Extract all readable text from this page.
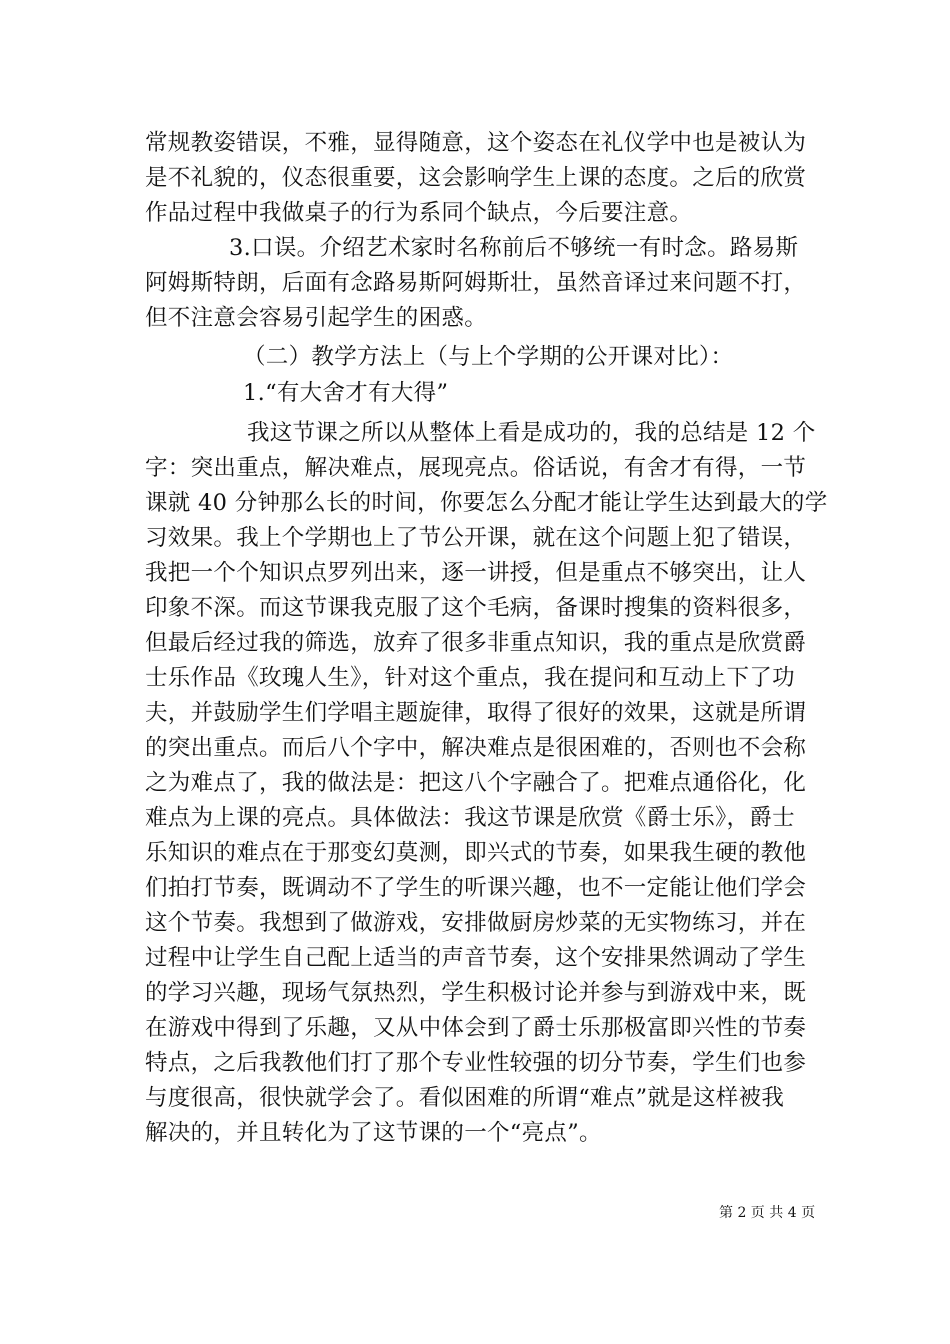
常规教姿错误，不雅，显得随意，这个姿态在礼仪学中也是被认为
是不礼貌的，仪态很重要，这会影响学生上课的态度。之后的欣赏
作品过程中我做桌子的行为系同个缺点，今后要注意。
3.口误。介绍艺术家时名称前后不够统一有时念。路易斯
阿姆斯特朗，后面有念路易斯阿姆斯壮，虽然音译过来问题不打，
但不注意会容易引起学生的困惑。
（二）教学方法上（与上个学期的公开课对比）：
1.“有大舍才有大得”
我这节课之所以从整体上看是成功的，我的总结是 12 个
字：突出重点，解决难点，展现亮点。俗话说，有舍才有得，一节
课就 40 分钟那么长的时间，你要怎么分配才能让学生达到最大的学
习效果。我上个学期也上了节公开课，就在这个问题上犯了错误，
我把一个个知识点罗列出来，逐一讲授，但是重点不够突出，让人
印象不深。而这节课我克服了这个毛病，备课时搜集的资料很多，
但最后经过我的筛选，放弃了很多非重点知识，我的重点是欣赏爵
士乐作品《玫瑰人生》，针对这个重点，我在提问和互动上下了功
夫，并鼓励学生们学唱主题旋律，取得了很好的效果，这就是所谓
的突出重点。而后八个字中，解决难点是很困难的，否则也不会称
之为难点了，我的做法是：把这八个字融合了。把难点通俗化，化
难点为上课的亮点。具体做法：我这节课是欣赏《爵士乐》，爵士
乐知识的难点在于那变幻莫测，即兴式的节奏，如果我生硬的教他
们拍打节奏，既调动不了学生的听课兴趣，也不一定能让他们学会
这个节奏。我想到了做游戏，安排做厨房炒菜的无实物练习，并在
过程中让学生自己配上适当的声音节奏，这个安排果然调动了学生
的学习兴趣，现场气氛热烈，学生积极讨论并参与到游戏中来，既
在游戏中得到了乐趣，又从中体会到了爵士乐那极富即兴性的节奏
特点，之后我教他们打了那个专业性较强的切分节奏，学生们也参
与度很高，很快就学会了。看似困难的所谓“难点”就是这样被我
解决的，并且转化为了这节课的一个“亮点”。
第 2 页 共 4 页
